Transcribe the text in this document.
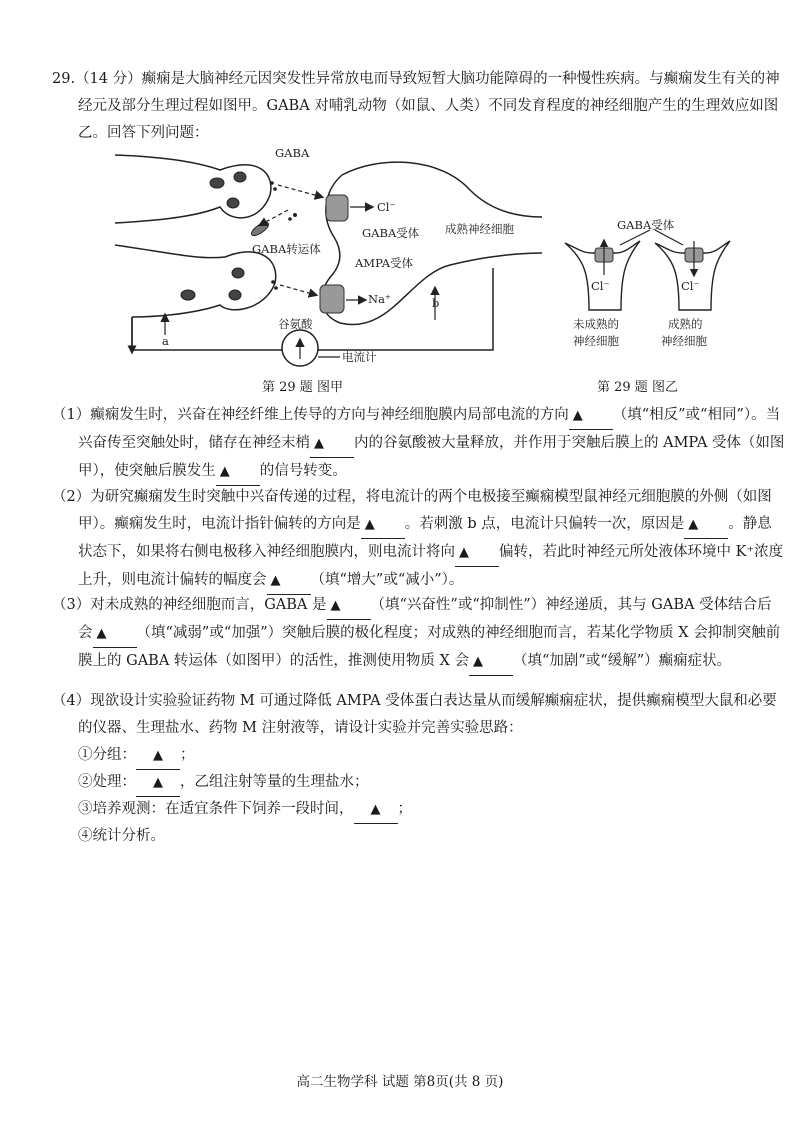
29.（14 分）癫痫是大脑神经元因突发性异常放电而导致短暂大脑功能障碍的一种慢性疾病。与癫痫发生有关的神经元及部分生理过程如图甲。GABA 对哺乳动物（如鼠、人类）不同发育程度的神经细胞产生的生理效应如图乙。回答下列问题：
GABA
Cl⁻
GABA受体
GABA转运体
AMPA受体
Na⁺
谷氨酸
成熟神经细胞
a
b
电流计
第 29 题 图甲
GABA受体
Cl⁻	Cl⁻
未成熟的
神经细胞
成熟的
神经细胞
第 29 题 图乙
（1）癫痫发生时，兴奋在神经纤维上传导的方向与神经细胞膜内局部电流的方向 ▲ （填“相反”或“相同”）。当兴奋传至突触处时，储存在神经末梢 ▲ 内的谷氨酸被大量释放，并作用于突触后膜上的 AMPA 受体（如图甲），使突触后膜发生 ▲ 的信号转变。
（2）为研究癫痫发生时突触中兴奋传递的过程，将电流计的两个电极接至癫痫模型鼠神经元细胞膜的外侧（如图甲）。癫痫发生时，电流计指针偏转的方向是 ▲ 。若刺激 b 点，电流计只偏转一次，原因是 ▲ 。静息状态下，如果将右侧电极移入神经细胞膜内，则电流计将向 ▲ 偏转，若此时神经元所处液体环境中 K⁺浓度上升，则电流计偏转的幅度会 ▲ （填“增大”或“减小”）。
（3）对未成熟的神经细胞而言，GABA 是 ▲ （填“兴奋性”或“抑制性”）神经递质，其与 GABA 受体结合后会 ▲ （填“减弱”或“加强”）突触后膜的极化程度；对成熟的神经细胞而言，若某化学物质 X 会抑制突触前膜上的 GABA 转运体（如图甲）的活性，推测使用物质 X 会 ▲ （填“加剧”或“缓解”）癫痫症状。
（4）现欲设计实验验证药物 M 可通过降低 AMPA 受体蛋白表达量从而缓解癫痫症状，提供癫痫模型大鼠和必要的仪器、生理盐水、药物 M 注射液等，请设计实验并完善实验思路：
①分组： ▲ ；
②处理： ▲ ，乙组注射等量的生理盐水；
③培养观测：在适宜条件下饲养一段时间， ▲ ；
④统计分析。
高二生物学科 试题 第8页(共 8 页)
